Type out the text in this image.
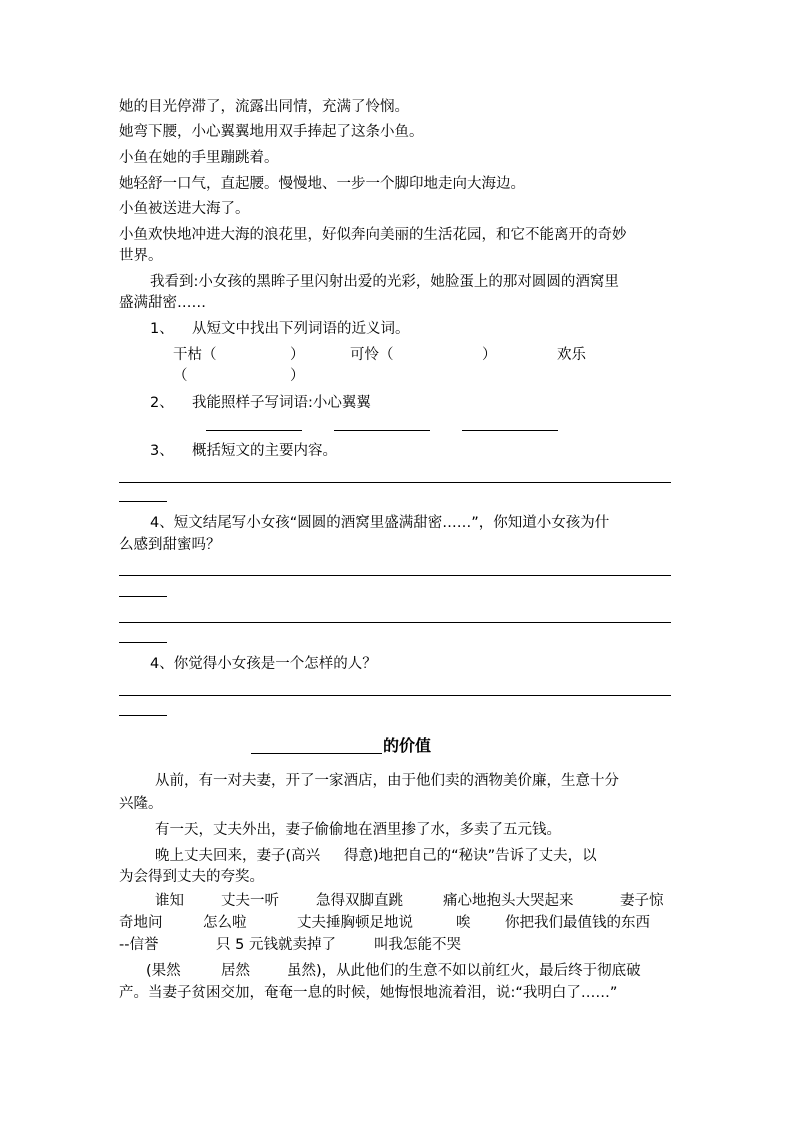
她的目光停滞了，流露出同情，充满了怜悯。
她弯下腰，小心翼翼地用双手捧起了这条小鱼。
小鱼在她的手里蹦跳着。
她轻舒一口气，直起腰。慢慢地、一步一个脚印地走向大海边。
小鱼被送进大海了。
小鱼欢快地冲进大海的浪花里，好似奔向美丽的生活花园，和它不能离开的奇妙
世界。
我看到:小女孩的黑眸子里闪射出爱的光彩，她脸蛋上的那对圆圆的酒窝里
盛满甜密……
1、 从短文中找出下列词语的近义词。
干枯（	）	可怜（	）	欢乐
（	）
2、 我能照样子写词语:小心翼翼
3、 概括短文的主要内容。
4、短文结尾写小女孩“圆圆的酒窝里盛满甜密……”，你知道小女孩为什
么感到甜蜜吗？
4、你觉得小女孩是一个怎样的人？
的价值
从前，有一对夫妻，开了一家酒店，由于他们卖的酒物美价廉，生意十分
兴隆。
有一天，丈夫外出，妻子偷偷地在酒里掺了水，多卖了五元钱。
晚上丈夫回来，妻子(高兴 得意)地把自己的“秘诀”告诉了丈夫，以
为会得到丈夫的夸奖。
谁知	丈夫一听	急得双脚直跳	痛心地抱头大哭起来	妻子惊
奇地问	怎么啦	丈夫捶胸顿足地说	唉 你把我们最值钱的东西
--信誉	只 5 元钱就卖掉了	叫我怎能不哭
(果然	居然	虽然)，从此他们的生意不如以前红火，最后终于彻底破
产。当妻子贫困交加，奄奄一息的时候，她悔恨地流着泪，说:“我明白了……”
